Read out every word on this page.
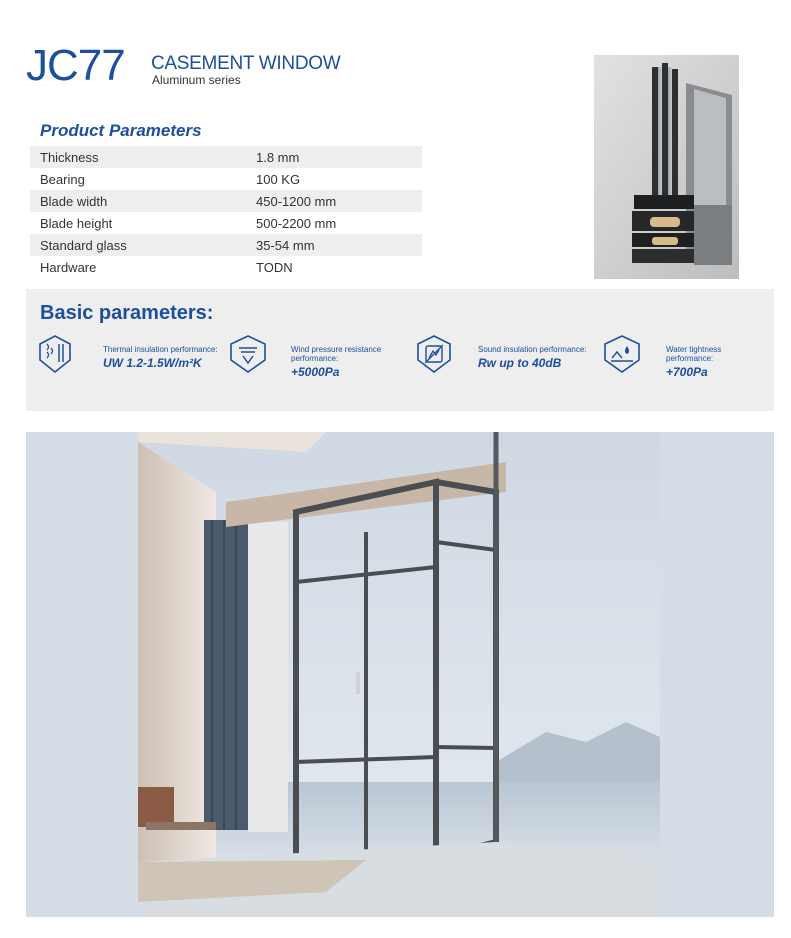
JC77 CASEMENT WINDOW
Aluminum series
Product Parameters
Thickness	1.8 mm
Bearing	100 KG
Blade width	450-1200 mm
Blade height	500-2200 mm
Standard glass	35-54 mm
Hardware	TODN
Basic parameters:
Thermal insulation performance:
UW 1.2-1.5W/m²K
Wind pressure resistance performance:
+5000Pa
Sound insulation performance:
Rw up to 40dB
Water tightness performance:
+700Pa
